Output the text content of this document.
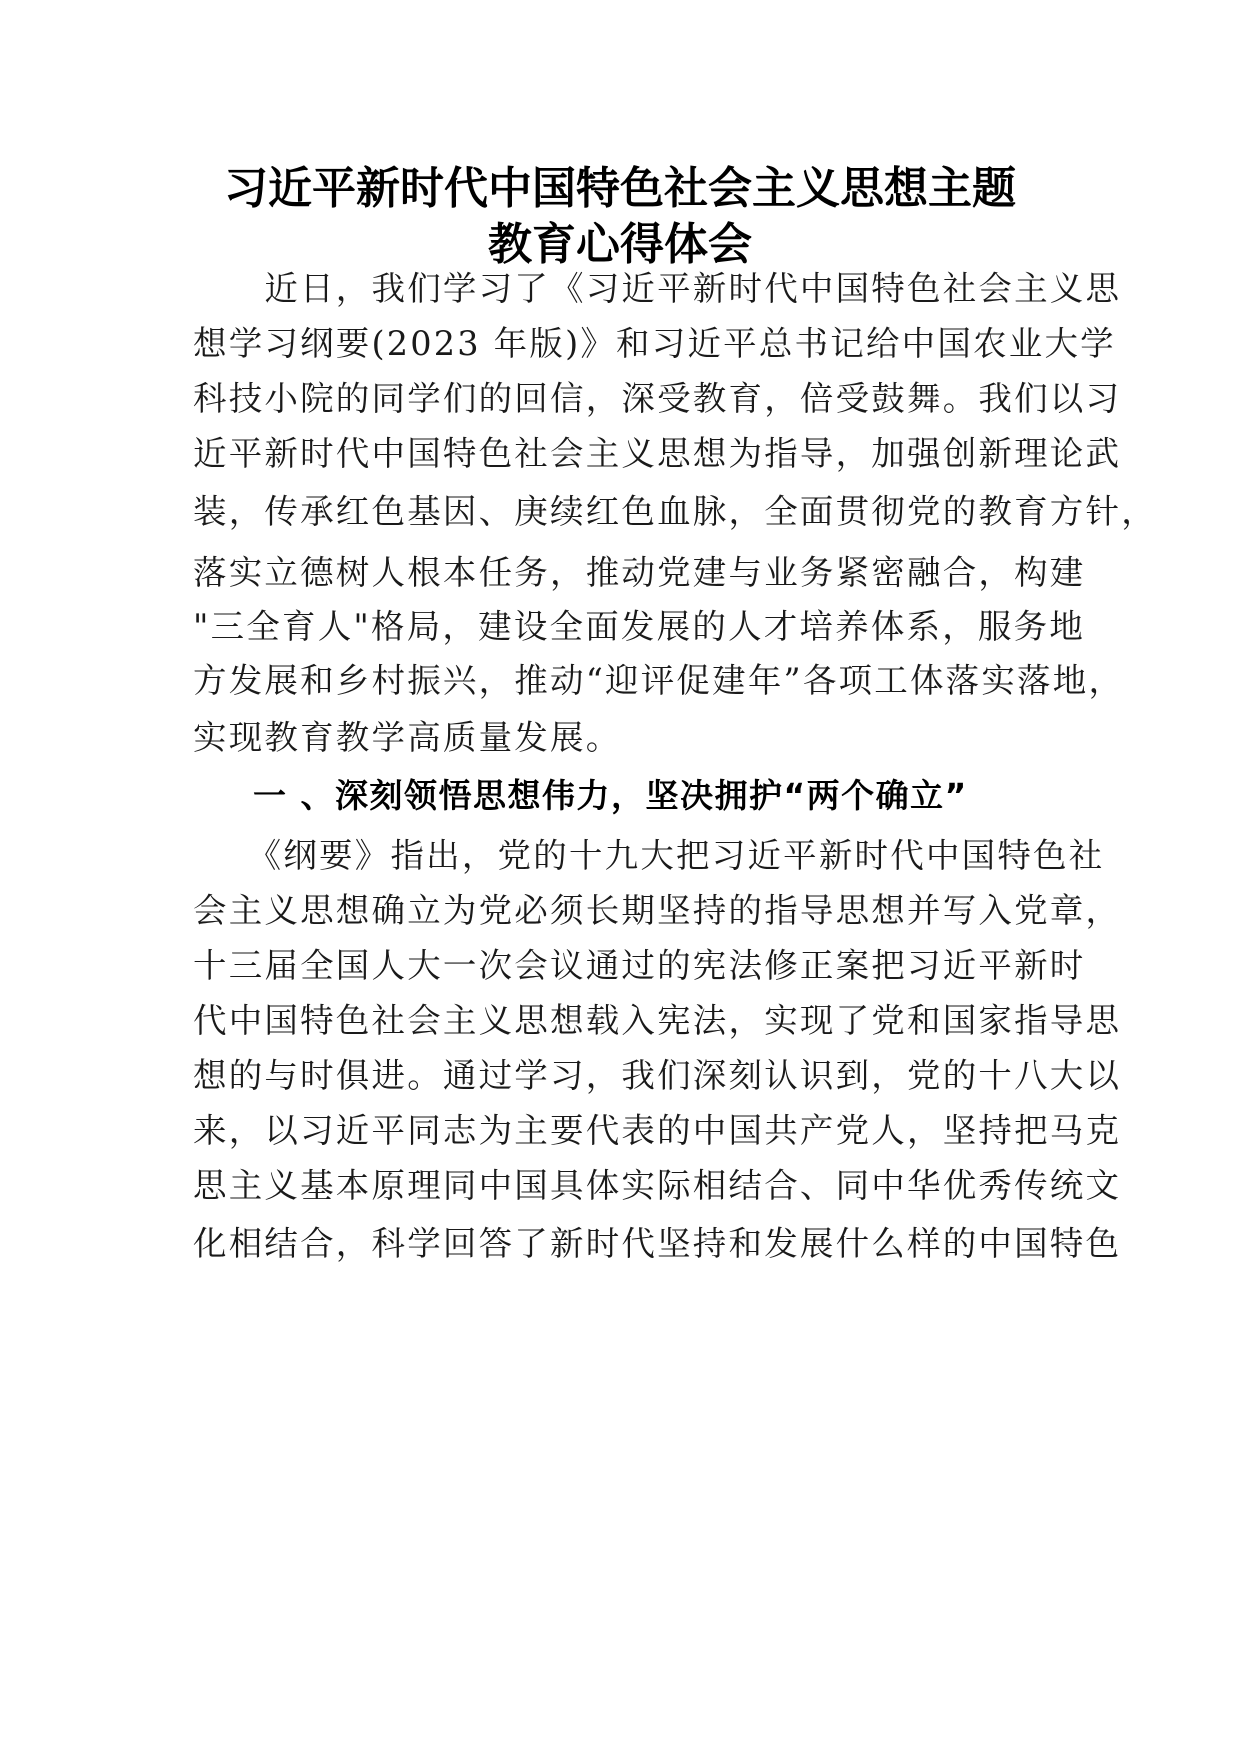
习近平新时代中国特色社会主义思想主题
教育心得体会
　　近日，我们学习了《习近平新时代中国特色社会主义思
想学习纲要(2023 年版)》和习近平总书记给中国农业大学
科技小院的同学们的回信，深受教育，倍受鼓舞。我们以习
近平新时代中国特色社会主义思想为指导，加强创新理论武
装，传承红色基因、庚续红色血脉，全面贯彻党的教育方针，
落实立德树人根本任务，推动党建与业务紧密融合，构建
"三全育人"格局，建设全面发展的人才培养体系，服务地
方发展和乡村振兴，推动“迎评促建年”各项工体落实落地，
实现教育教学高质量发展。
一 、深刻领悟思想伟力，坚决拥护“两个确立”
　　《纲要》指出，党的十九大把习近平新时代中国特色社
会主义思想确立为党必须长期坚持的指导思想并写入党章，
十三届全国人大一次会议通过的宪法修正案把习近平新时
代中国特色社会主义思想载入宪法，实现了党和国家指导思
想的与时俱进。通过学习，我们深刻认识到，党的十八大以
来，以习近平同志为主要代表的中国共产党人，坚持把马克
思主义基本原理同中国具体实际相结合、同中华优秀传统文
化相结合，科学回答了新时代坚持和发展什么样的中国特色
